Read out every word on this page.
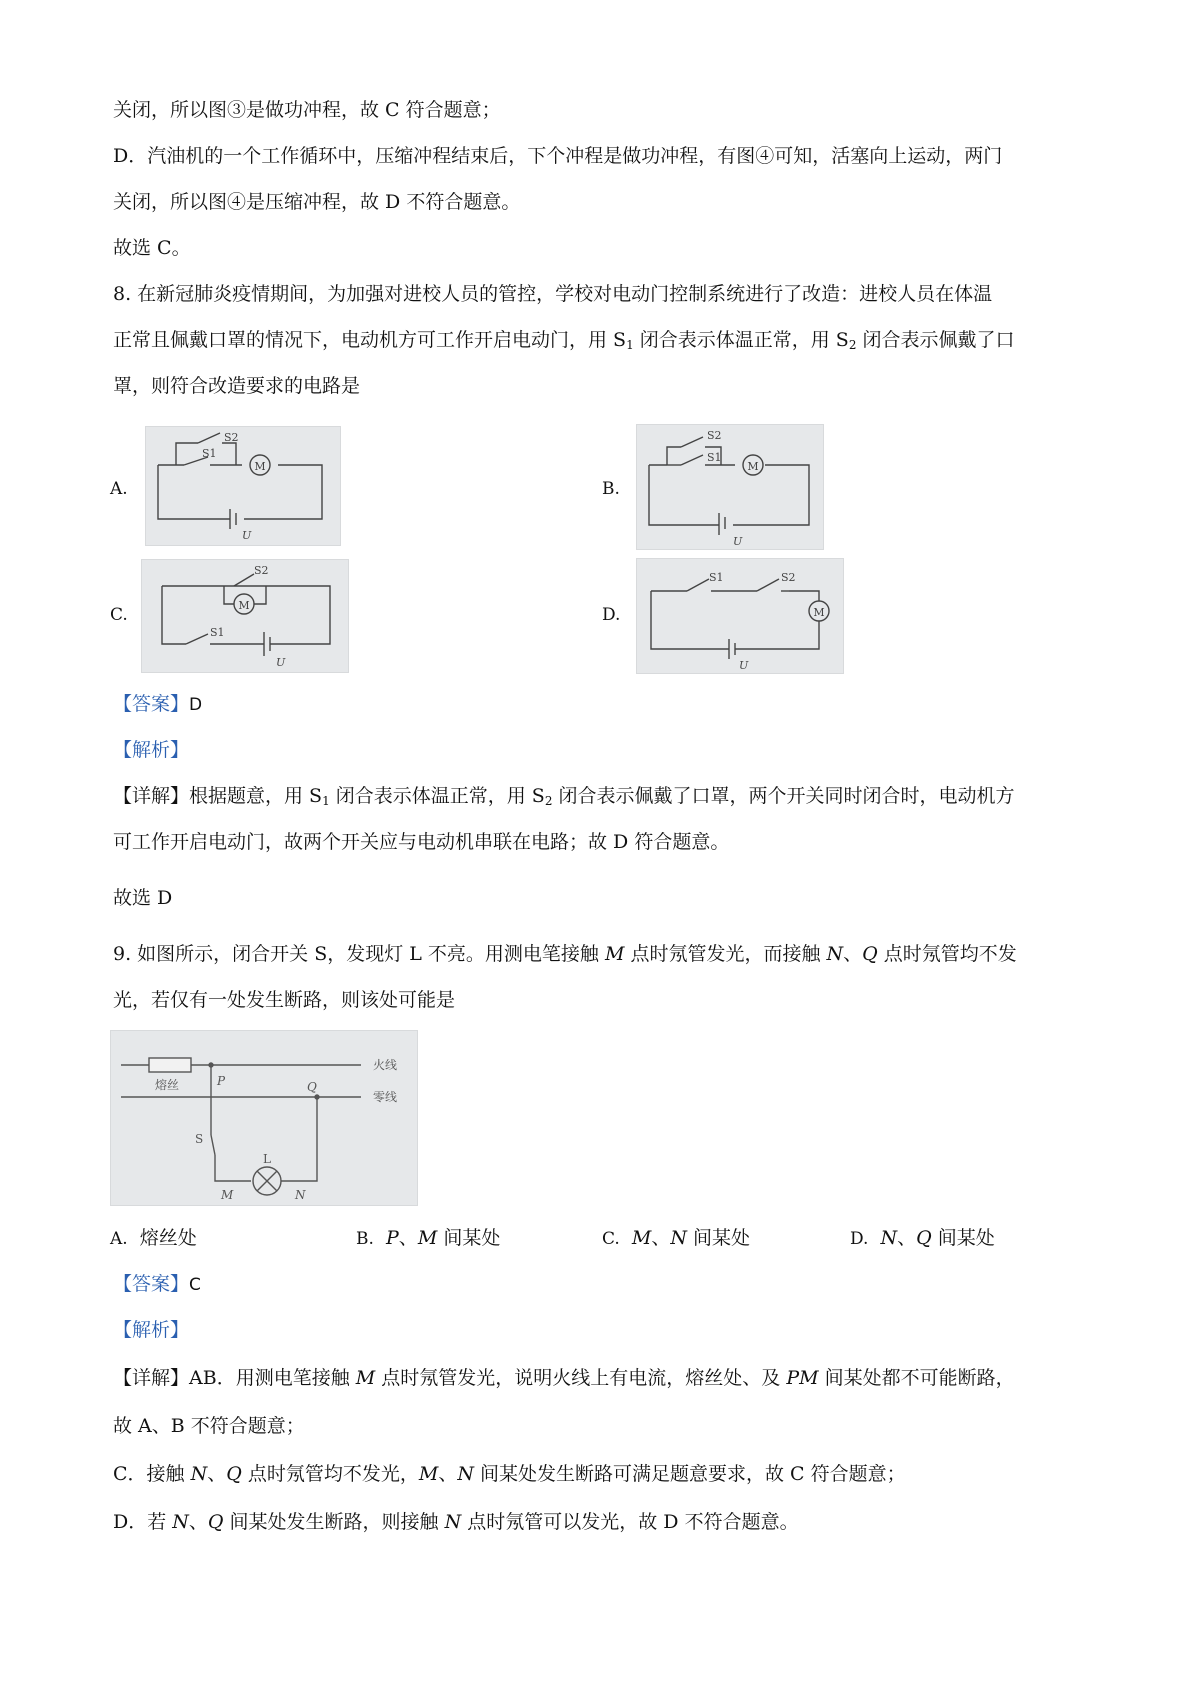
关闭，所以图③是做功冲程，故 C 符合题意；
D．汽油机的一个工作循环中，压缩冲程结束后，下个冲程是做功冲程，有图④可知，活塞向上运动，两门
关闭，所以图④是压缩冲程，故 D 不符合题意。
故选 C。
8. 在新冠肺炎疫情期间，为加强对进校人员的管控，学校对电动门控制系统进行了改造：进校人员在体温
正常且佩戴口罩的情况下，电动机方可工作开启电动门，用 $S_1$ 闭合表示体温正常，用 $S_2$ 闭合表示佩戴了口
罩，则符合改造要求的电路是
A.
M
S2
S1
U
B.
M
S2
S1
U
C.	M
S2
S1
U
D.	M
S1	S2
U
【答案】D
【解析】
【详解】根据题意，用 $S_1$ 闭合表示体温正常，用 $S_2$ 闭合表示佩戴了口罩，两个开关同时闭合时，电动机方
可工作开启电动门，故两个开关应与电动机串联在电路；故 D 符合题意。
故选 D
9. 如图所示，闭合开关 S，发现灯 L 不亮。用测电笔接触 M 点时氖管发光，而接触 N、Q 点时氖管均不发
光，若仅有一处发生断路，则该处可能是
熔丝
火线
零线
P	Q
S
L
M	N
A. 熔丝处	B. P、M 间某处	C. M、N 间某处	D. N、Q 间某处
【答案】C
【解析】
【详解】AB．用测电笔接触 M 点时氖管发光，说明火线上有电流，熔丝处、及 PM 间某处都不可能断路，
故 A、B 不符合题意；
C．接触 N、Q 点时氖管均不发光，M、N 间某处发生断路可满足题意要求，故 C 符合题意；
D．若 N、Q 间某处发生断路，则接触 N 点时氖管可以发光，故 D 不符合题意。
